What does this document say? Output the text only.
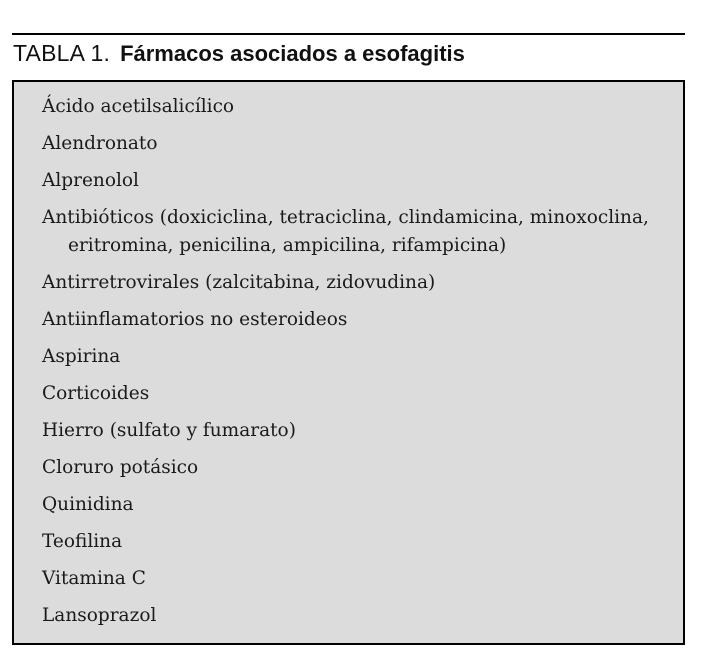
TABLA 1. Fármacos asociados a esofagitis
Ácido acetilsalicílico
Alendronato
Alprenolol
Antibióticos (doxiciclina, tetraciclina, clindamicina, minoxoclina, eritromina, penicilina, ampicilina, rifampicina)
Antirretrovirales (zalcitabina, zidovudina)
Antiinflamatorios no esteroideos
Aspirina
Corticoides
Hierro (sulfato y fumarato)
Cloruro potásico
Quinidina
Teofilina
Vitamina C
Lansoprazol
